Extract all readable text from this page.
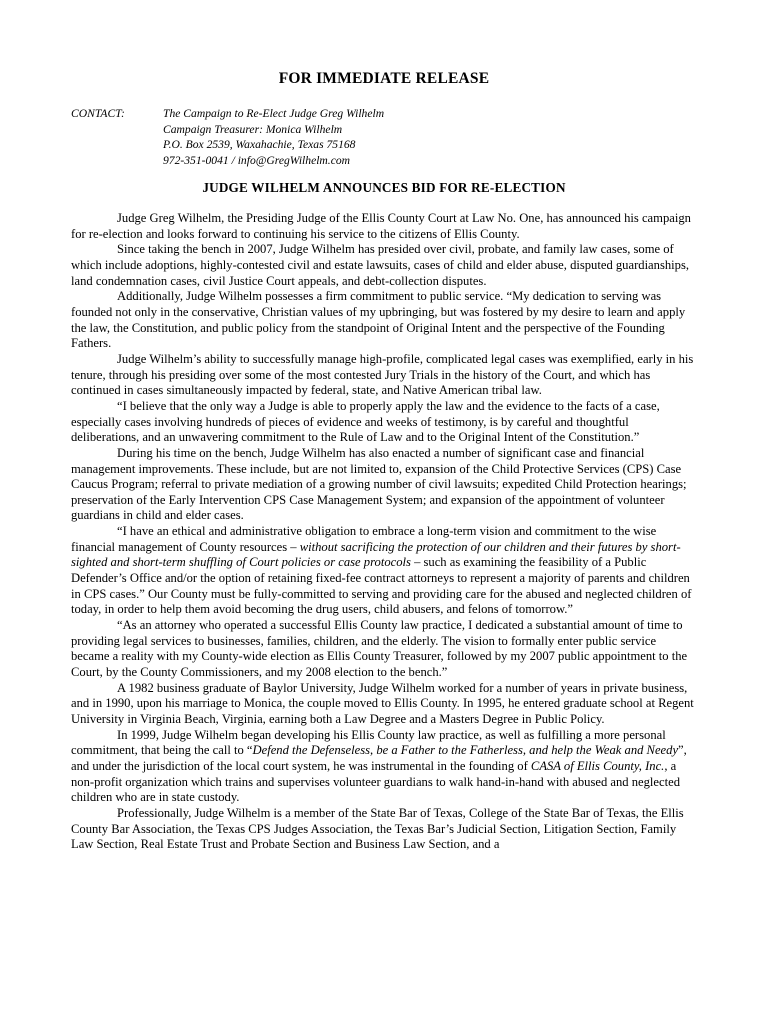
FOR IMMEDIATE RELEASE
CONTACT:	The Campaign to Re-Elect Judge Greg Wilhelm
Campaign Treasurer: Monica Wilhelm
P.O. Box 2539, Waxahachie, Texas 75168
972-351-0041 / info@GregWilhelm.com
JUDGE WILHELM ANNOUNCES BID FOR RE-ELECTION

Judge Greg Wilhelm, the Presiding Judge of the Ellis County Court at Law No. One, has announced his campaign for re-election and looks forward to continuing his service to the citizens of Ellis County.

Since taking the bench in 2007, Judge Wilhelm has presided over civil, probate, and family law cases, some of which include adoptions, highly-contested civil and estate lawsuits, cases of child and elder abuse, disputed guardianships, land condemnation cases, civil Justice Court appeals, and debt-collection disputes.

Additionally, Judge Wilhelm possesses a firm commitment to public service. “My dedication to serving was founded not only in the conservative, Christian values of my upbringing, but was fostered by my desire to learn and apply the law, the Constitution, and public policy from the standpoint of Original Intent and the perspective of the Founding Fathers.

Judge Wilhelm’s ability to successfully manage high-profile, complicated legal cases was exemplified, early in his tenure, through his presiding over some of the most contested Jury Trials in the history of the Court, and which has continued in cases simultaneously impacted by federal, state, and Native American tribal law.

“I believe that the only way a Judge is able to properly apply the law and the evidence to the facts of a case, especially cases involving hundreds of pieces of evidence and weeks of testimony, is by careful and thoughtful deliberations, and an unwavering commitment to the Rule of Law and to the Original Intent of the Constitution.”

During his time on the bench, Judge Wilhelm has also enacted a number of significant case and financial management improvements. These include, but are not limited to, expansion of the Child Protective Services (CPS) Case Caucus Program; referral to private mediation of a growing number of civil lawsuits; expedited Child Protection hearings; preservation of the Early Intervention CPS Case Management System; and expansion of the appointment of volunteer guardians in child and elder cases.

“I have an ethical and administrative obligation to embrace a long-term vision and commitment to the wise financial management of County resources – without sacrificing the protection of our children and their futures by short-sighted and short-term shuffling of Court policies or case protocols – such as examining the feasibility of a Public Defender’s Office and/or the option of retaining fixed-fee contract attorneys to represent a majority of parents and children in CPS cases.” Our County must be fully-committed to serving and providing care for the abused and neglected children of today, in order to help them avoid becoming the drug users, child abusers, and felons of tomorrow.”

“As an attorney who operated a successful Ellis County law practice, I dedicated a substantial amount of time to providing legal services to businesses, families, children, and the elderly. The vision to formally enter public service became a reality with my County-wide election as Ellis County Treasurer, followed by my 2007 public appointment to the Court, by the County Commissioners, and my 2008 election to the bench.”

A 1982 business graduate of Baylor University, Judge Wilhelm worked for a number of years in private business, and in 1990, upon his marriage to Monica, the couple moved to Ellis County. In 1995, he entered graduate school at Regent University in Virginia Beach, Virginia, earning both a Law Degree and a Masters Degree in Public Policy.

In 1999, Judge Wilhelm began developing his Ellis County law practice, as well as fulfilling a more personal commitment, that being the call to “Defend the Defenseless, be a Father to the Fatherless, and help the Weak and Needy”, and under the jurisdiction of the local court system, he was instrumental in the founding of CASA of Ellis County, Inc., a non-profit organization which trains and supervises volunteer guardians to walk hand-in-hand with abused and neglected children who are in state custody.

Professionally, Judge Wilhelm is a member of the State Bar of Texas, College of the State Bar of Texas, the Ellis County Bar Association, the Texas CPS Judges Association, the Texas Bar’s Judicial Section, Litigation Section, Family Law Section, Real Estate Trust and Probate Section and Business Law Section, and a
